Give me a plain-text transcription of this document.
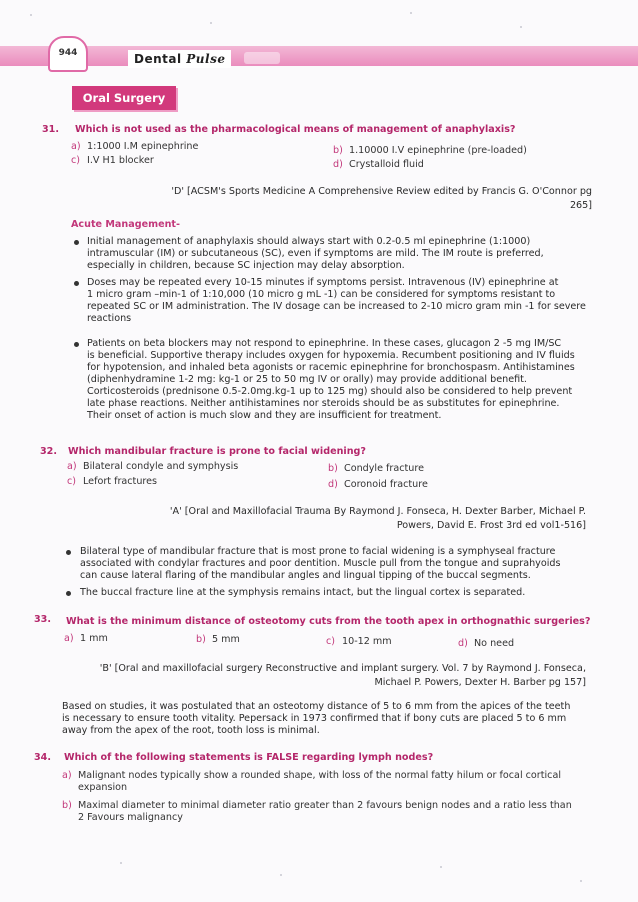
944	Dental Pulse
Oral Surgery
31. Which is not used as the pharmacological means of management of anaphylaxis?
a) 1:1000 I.M epinephrine	b) 1.10000 I.V epinephrine (pre-loaded)
c) I.V H1 blocker	d) Crystalloid fluid
'D' [ACSM's Sports Medicine A Comprehensive Review edited by Francis G. O'Connor pg
265]
Acute Management-
Initial management of anaphylaxis should always start with 0.2-0.5 ml epinephrine (1:1000)
intramuscular (IM) or subcutaneous (SC), even if symptoms are mild. The IM route is preferred,
especially in children, because SC injection may delay absorption.
Doses may be repeated every 10-15 minutes if symptoms persist. Intravenous (IV) epinephrine at
1 micro gram –min-1 of 1:10,000 (10 micro g mL -1) can be considered for symptoms resistant to
repeated SC or IM administration. The IV dosage can be increased to 2-10 micro gram min -1 for severe
reactions
Patients on beta blockers may not respond to epinephrine. In these cases, glucagon 2 -5 mg IM/SC
is beneficial. Supportive therapy includes oxygen for hypoxemia. Recumbent positioning and IV fluids
for hypotension, and inhaled beta agonists or racemic epinephrine for bronchospasm. Antihistamines
(diphenhydramine 1-2 mg: kg-1 or 25 to 50 mg IV or orally) may provide additional benefit.
Corticosteroids (prednisone 0.5-2.0mg.kg-1 up to 125 mg) should also be considered to help prevent
late phase reactions. Neither antihistamines nor steroids should be as substitutes for epinephrine.
Their onset of action is much slow and they are insufficient for treatment.
32. Which mandibular fracture is prone to facial widening?
a) Bilateral condyle and symphysis	b) Condyle fracture
c) Lefort fractures	d) Coronoid fracture
'A' [Oral and Maxillofacial Trauma By Raymond J. Fonseca, H. Dexter Barber, Michael P.
Powers, David E. Frost 3rd ed vol1-516]
Bilateral type of mandibular fracture that is most prone to facial widening is a symphyseal fracture
associated with condylar fractures and poor dentition. Muscle pull from the tongue and suprahyoids
can cause lateral flaring of the mandibular angles and lingual tipping of the buccal segments.
The buccal fracture line at the symphysis remains intact, but the lingual cortex is separated.
33. What is the minimum distance of osteotomy cuts from the tooth apex in orthognathic surgeries?
a) 1 mm	b) 5 mm	c) 10-12 mm	d) No need
'B' [Oral and maxillofacial surgery Reconstructive and implant surgery. Vol. 7 by Raymond J. Fonseca,
Michael P. Powers, Dexter H. Barber pg 157]
Based on studies, it was postulated that an osteotomy distance of 5 to 6 mm from the apices of the teeth
is necessary to ensure tooth vitality. Pepersack in 1973 confirmed that if bony cuts are placed 5 to 6 mm
away from the apex of the root, tooth loss is minimal.
34. Which of the following statements is FALSE regarding lymph nodes?
a) Malignant nodes typically show a rounded shape, with loss of the normal fatty hilum or focal cortical
expansion
b) Maximal diameter to minimal diameter ratio greater than 2 favours benign nodes and a ratio less than
2 Favours malignancy
